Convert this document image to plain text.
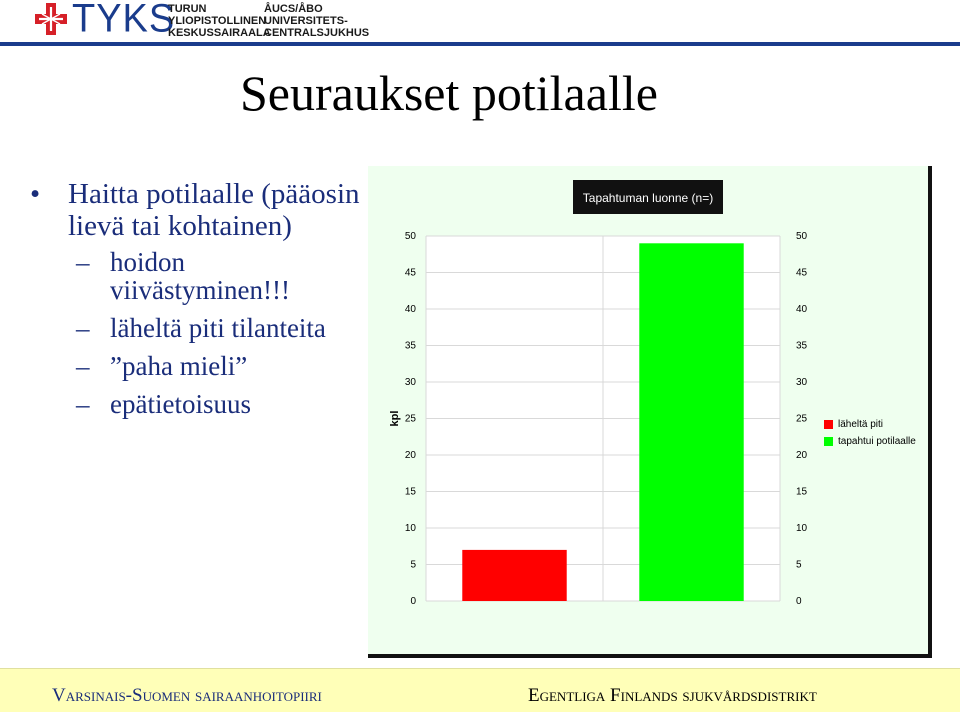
TYKS
TURUN
YLIOPISTOLLINEN
KESKUSSAIRAALA
ÅUCS/ÅBO
UNIVERSITETS-
CENTRALSJUKHUS
Seuraukset potilaalle
• Haitta potilaalle (pääosin lievä tai kohtainen)
– hoidon
viivästyminen!!!
– läheltä piti tilanteita
– ”paha mieli”
– epätietoisuus
0	0
5	5
10	10
15	15
20	20
25	25
30	30
35	35
40	40
45	45
50	50
kpl
Tapahtuman luonne (n=)
läheltä piti
tapahtui potilaalle
Varsinais-Suomen sairaanhoitopiiri	Egentliga Finlands sjukvårdsdistrikt
